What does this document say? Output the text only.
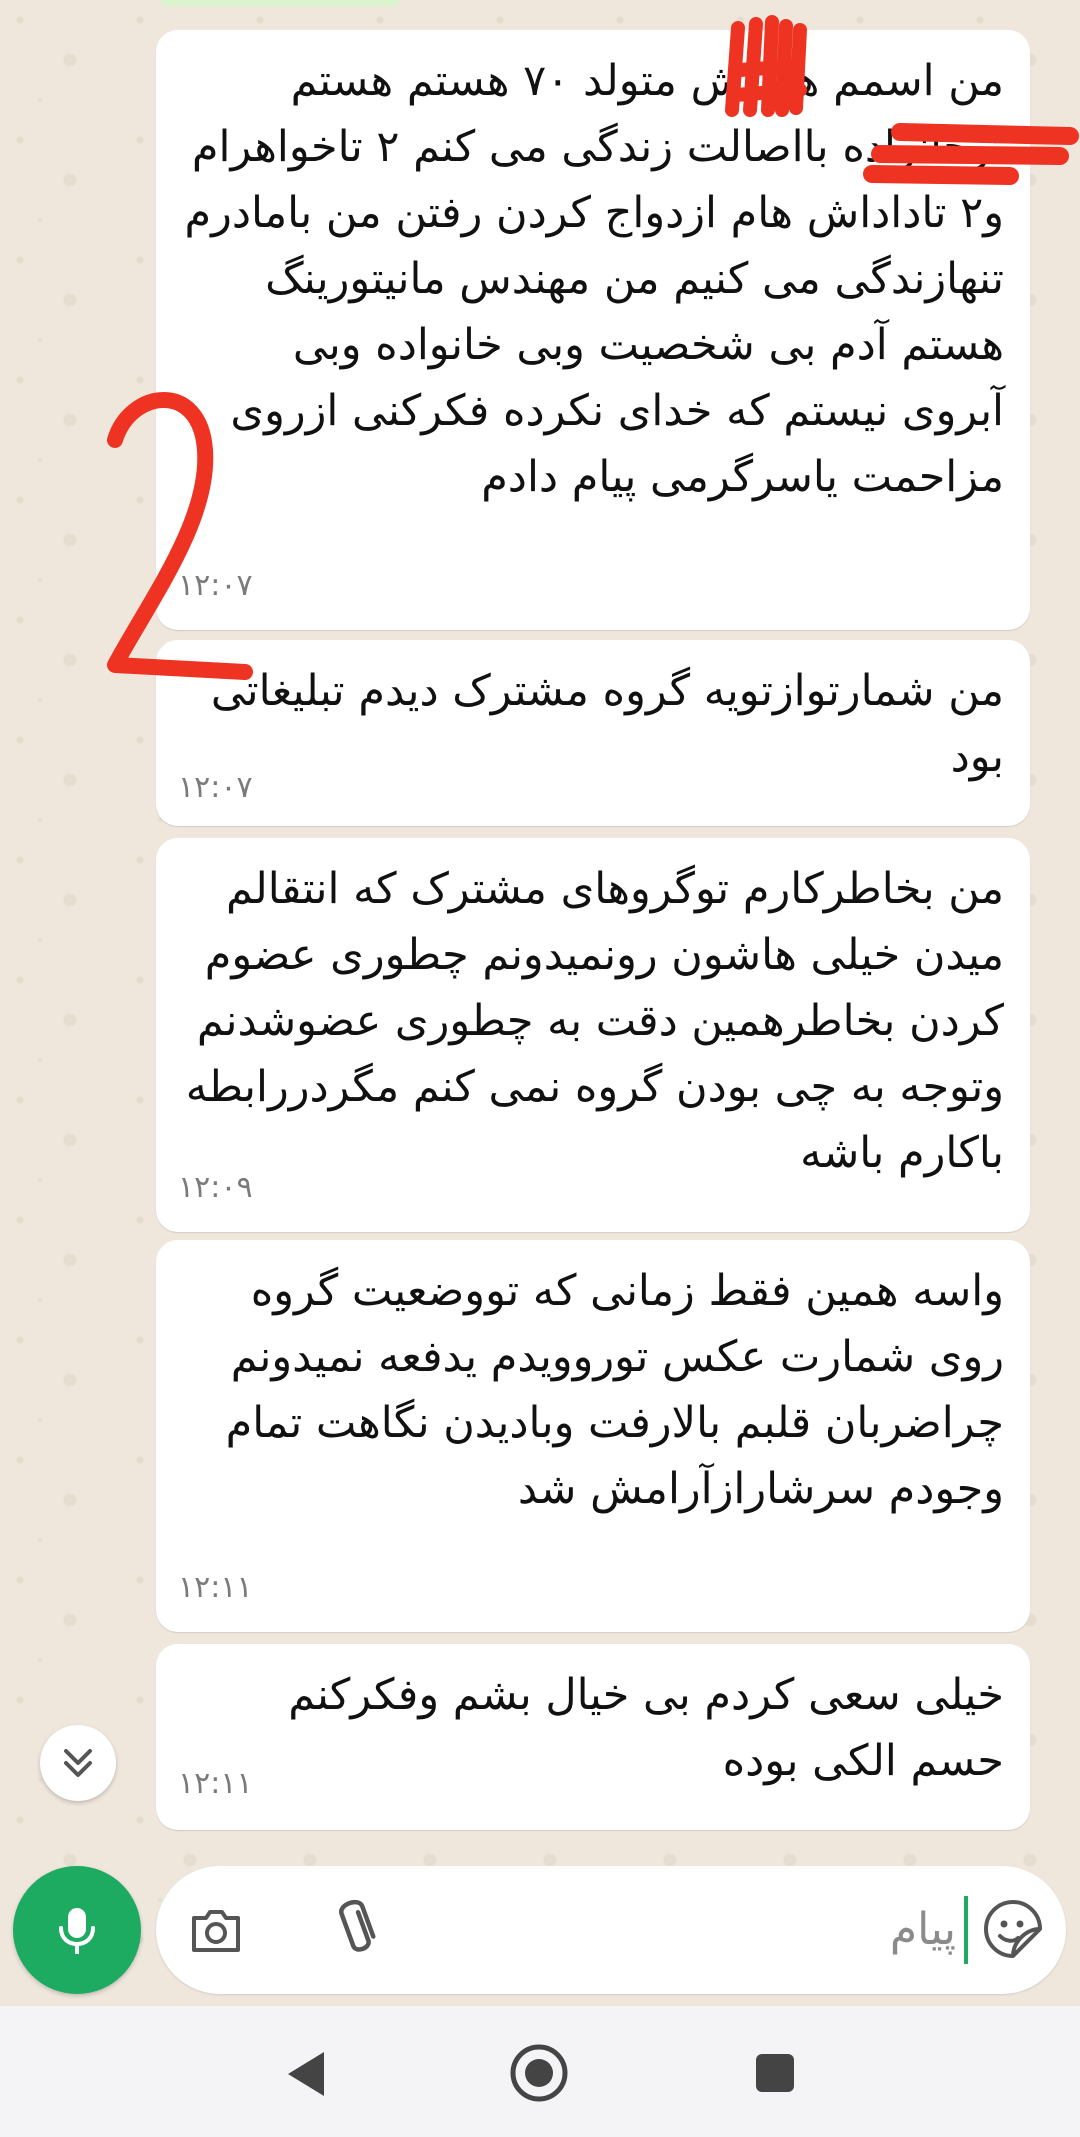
من اسمم هستش متولد ۷۰ هستم هستم توخانواده بااصالت زندگی می کنم ۲ تاخواهرام و۲ تاداداش هام ازدواج کردن رفتن من بامادرم تنهازندگی می کنیم من مهندس مانیتورینگ هستم آدم بی شخصیت وبی خانواده وبی آبروی نیستم که خدای نکرده فکرکنی ازروی مزاحمت یاسرگرمی پیام دادم
۱۲:۰۷
من شمارتوازتویه گروه مشترک دیدم تبلیغاتی بود
۱۲:۰۷
من بخاطرکارم توگروهای مشترک که انتقالم میدن خیلی هاشون رونمیدونم چطوری عضوم کردن بخاطرهمین دقت به چطوری عضوشدنم وتوجه به چی بودن گروه نمی کنم مگردررابطه باکارم باشه
۱۲:۰۹
واسه همین فقط زمانی که تووضعیت گروه روی شمارت عکس توروویدم یدفعه نمیدونم چراضربان قلبم بالارفت وبادیدن نگاهت تمام وجودم سرشارازآرامش شد
۱۲:۱۱
خیلی سعی کردم بی خیال بشم وفکرکنم حسم الکی بوده
۱۲:۱۱
پیام
